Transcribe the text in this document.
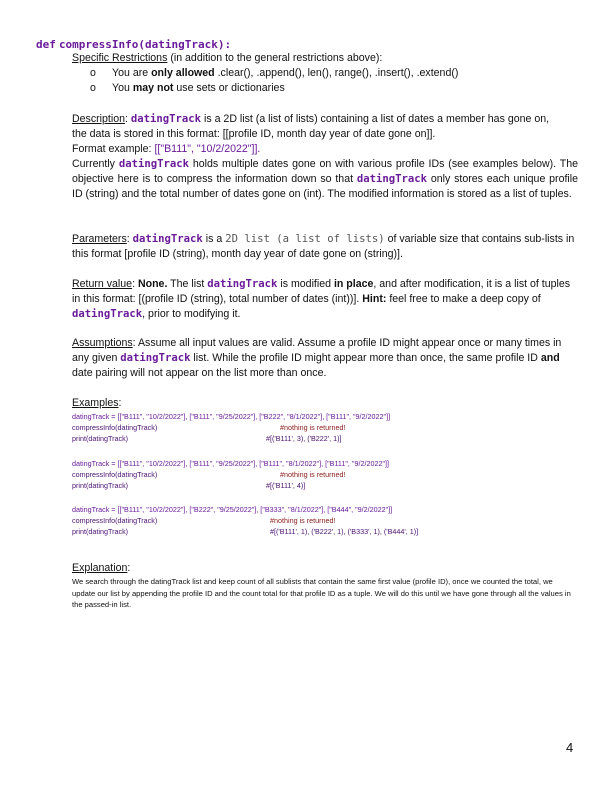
def compressInfo(datingTrack):
Specific Restrictions (in addition to the general restrictions above):
o You are only allowed .clear(), .append(), len(), range(), .insert(), .extend()
o You may not use sets or dictionaries
Description: datingTrack is a 2D list (a list of lists) containing a list of dates a member has gone on,
the data is stored in this format: [[profile ID, month day year of date gone on]].
Format example: [["B111", "10/2/2022"]].

Currently datingTrack holds multiple dates gone on with various profile IDs (see examples below). The objective here is to compress the information down so that datingTrack only stores each unique profile ID (string) and the total number of dates gone on (int). The modified information is stored as a list of tuples.
Parameters: datingTrack is a 2D list (a list of lists) of variable size that contains sub-lists in this format [profile ID (string), month day year of date gone on (string)].
Return value: None. The list datingTrack is modified in place, and after modification, it is a list of tuples in this format: [(profile ID (string), total number of dates (int))]. Hint: feel free to make a deep copy of datingTrack, prior to modifying it.
Assumptions: Assume all input values are valid. Assume a profile ID might appear once or many times in any given datingTrack list. While the profile ID might appear more than once, the same profile ID and date pairing will not appear on the list more than once.
Examples:
datingTrack = [["B111", "10/2/2022"], ["B111", "9/25/2022"], ["B222", "8/1/2022"], ["B111", "9/2/2022"]]
compressInfo(datingTrack)	#nothing is returned!
print(datingTrack)	#[('B111', 3), ('B222', 1)]
datingTrack = [["B111", "10/2/2022"], ["B111", "9/25/2022"], ["B111", "8/1/2022"], ["B111", "9/2/2022"]]
compressInfo(datingTrack)	#nothing is returned!
print(datingTrack)	#[('B111', 4)]
datingTrack = [["B111", "10/2/2022"], ["B222", "9/25/2022"], ["B333", "8/1/2022"], ["B444", "9/2/2022"]]
compressInfo(datingTrack)	#nothing is returned!
print(datingTrack)	#[('B111', 1), ('B222', 1), ('B333', 1), ('B444', 1)]
Explanation:
We search through the datingTrack list and keep count of all sublists that contain the same first value (profile ID), once we counted the total, we update our list by appending the profile ID and the count total for that profile ID as a tuple. We will do this until we have gone through all the values in the passed-in list.
4
